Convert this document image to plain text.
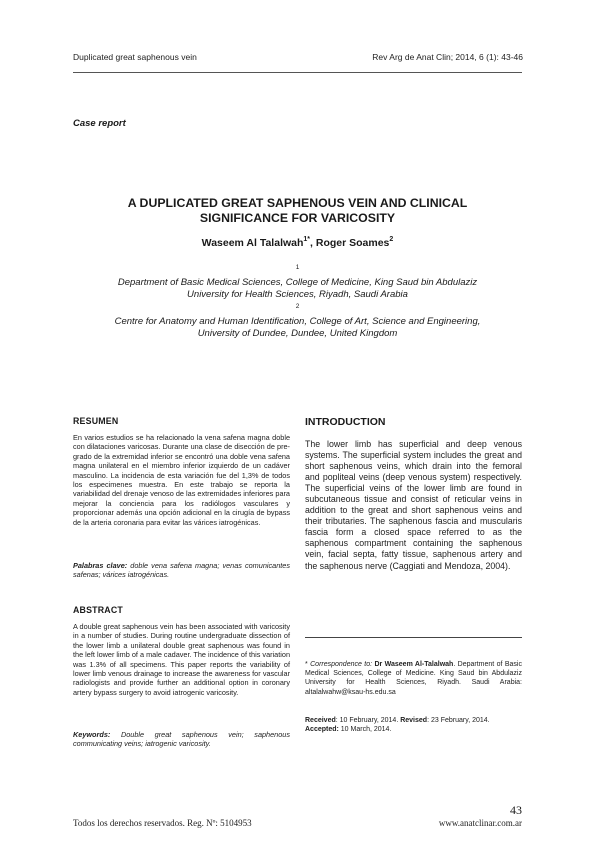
Duplicated great saphenous vein	Rev Arg de Anat Clin; 2014, 6 (1): 43-46
Case report
A DUPLICATED GREAT SAPHENOUS VEIN AND CLINICAL
SIGNIFICANCE FOR VARICOSITY
Waseem Al Talalwah$^{1*}$, Roger Soames$^2$
$^1$
Department of Basic Medical Sciences, College of Medicine, King Saud bin Abdulaziz
University for Health Sciences, Riyadh, Saudi Arabia
$^2$
Centre for Anatomy and Human Identification, College of Art, Science and Engineering,
University of Dundee, Dundee, United Kingdom
RESUMEN
En varios estudios se ha relacionado la vena safena magna doble con dilataciones varicosas. Durante una clase de disección de pre-grado de la extremidad inferior se encontró una doble vena safena magna unilateral en el miembro inferior izquierdo de un cadáver masculino. La incidencia de esta variación fue del 1,3% de todos los especimenes muestra. En este trabajo se reporta la variabilidad del drenaje venoso de las extremidades inferiores para mejorar la conciencia para los radiólogos vasculares y proporcionar además una opción adicional en la cirugía de bypass de la arteria coronaria para evitar las várices iatrogénicas.
Palabras clave: doble vena safena magna; venas comunicantes safenas; várices iatrogénicas.
ABSTRACT
A double great saphenous vein has been associated with varicosity in a number of studies. During routine undergraduate dissection of the lower limb a unilateral double great saphenous was found in the left lower limb of a male cadaver. The incidence of this variation was 1.3% of all specimens. This paper reports the variability of lower limb venous drainage to increase the awareness for vascular radiologists and provide further an additional option in coronary artery bypass surgery to avoid iatrogenic varicosity.
Keywords: Double great saphenous vein; saphenous communicating veins; iatrogenic varicosity.
INTRODUCTION
The lower limb has superficial and deep venous systems. The superficial system includes the great and short saphenous veins, which drain into the femoral and popliteal veins (deep venous system) respectively. The superficial veins of the lower limb are found in subcutaneous tissue and consist of reticular veins in addition to the great and short saphenous veins and their tributaries. The saphenous fascia and muscularis fascia form a closed space referred to as the saphenous compartment containing the saphenous vein, facial septa, fatty tissue, saphenous artery and the saphenous nerve (Caggiati and Mendoza, 2004).
* Correspondence to: Dr Waseem Al-Talalwah. Department of Basic Medical Sciences, College of Medicine. King Saud bin Abdulaziz University for Health Sciences, Riyadh. Saudi Arabia: altalalwahw@ksau-hs.edu.sa
Received: 10 February, 2014. Revised: 23 February, 2014.
Accepted: 10 March, 2014.
43
Todos los derechos reservados. Reg. Nº: 5104953	www.anatclinar.com.ar
